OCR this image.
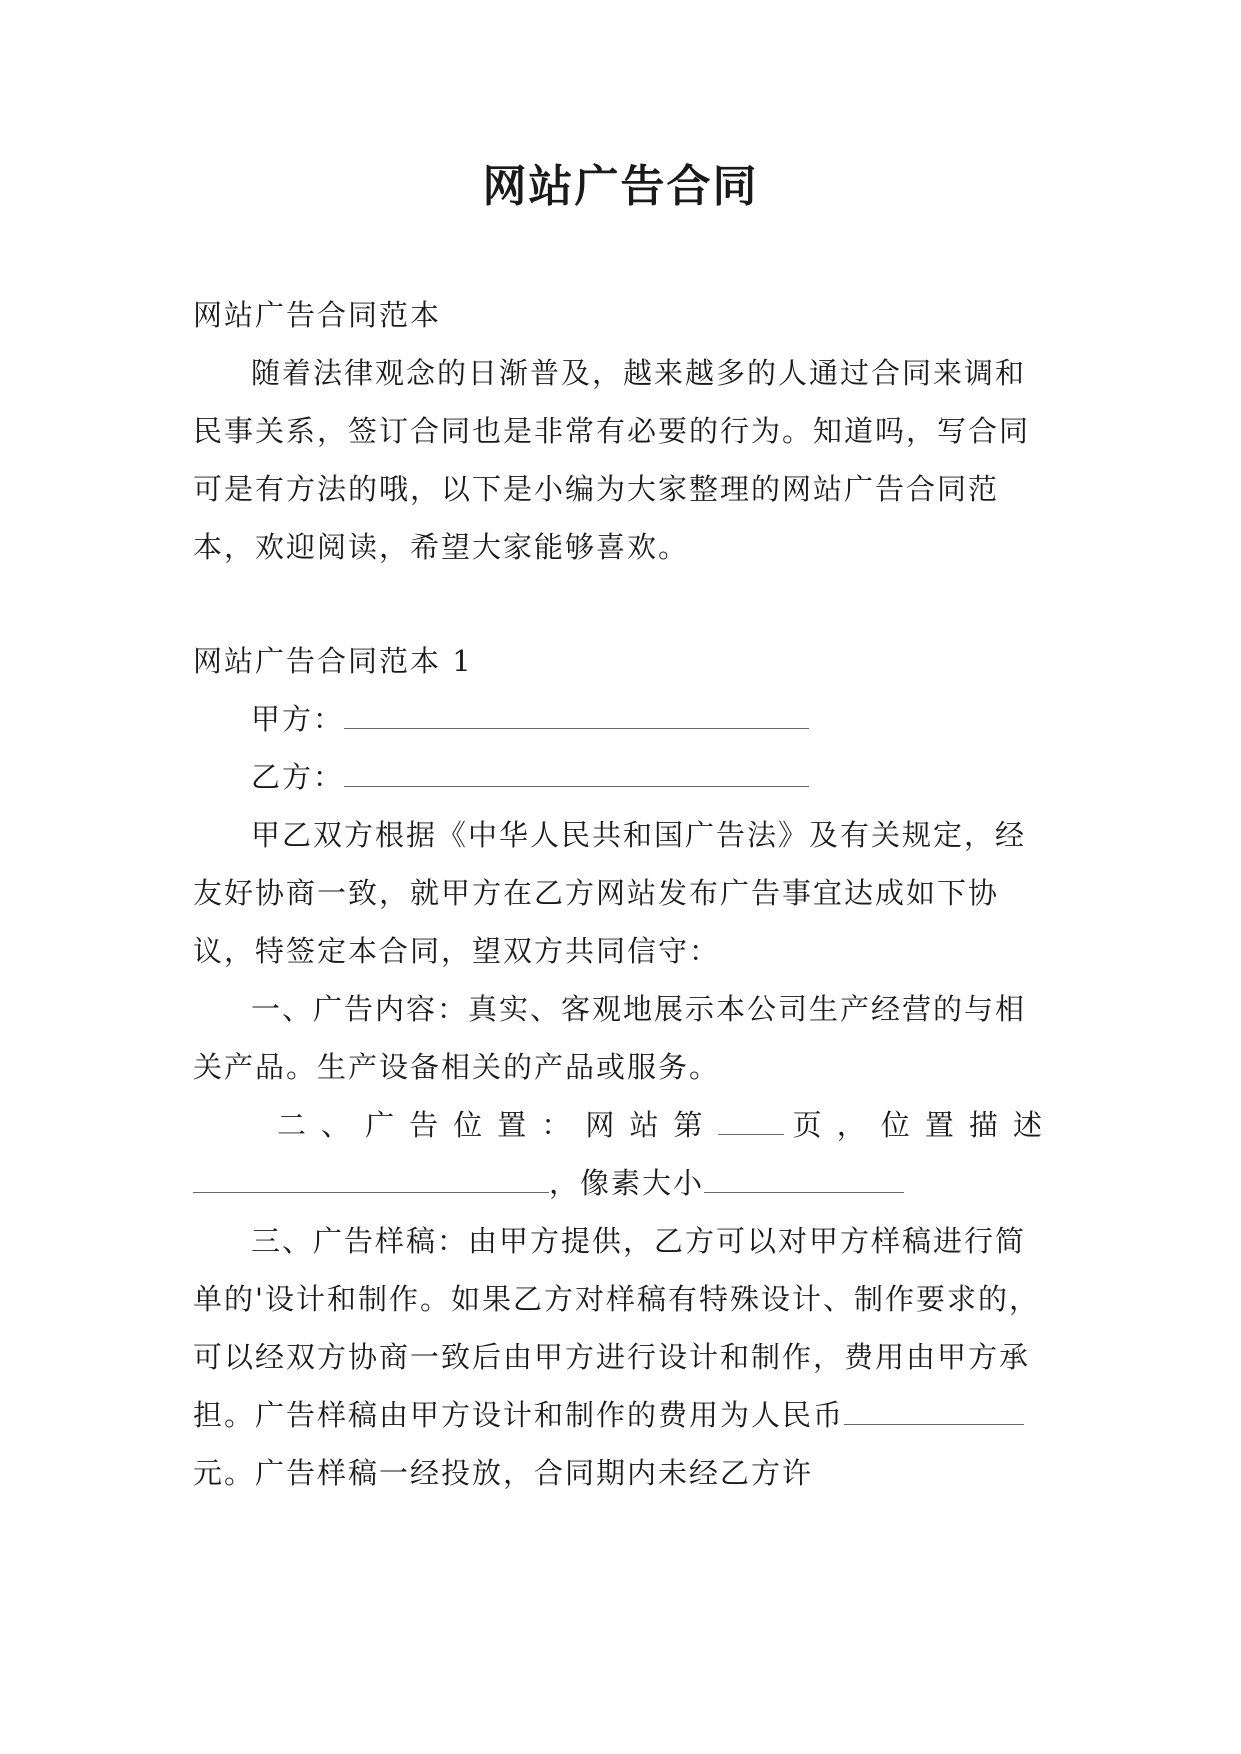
网站广告合同

网站广告合同范本

随着法律观念的日渐普及，越来越多的人通过合同来调和民事关系，签订合同也是非常有必要的行为。知道吗，写合同可是有方法的哦，以下是小编为大家整理的网站广告合同范本，欢迎阅读，希望大家能够喜欢。

网站广告合同范本 1

甲方：

乙方：

甲乙双方根据《中华人民共和国广告法》及有关规定，经友好协商一致，就甲方在乙方网站发布广告事宜达成如下协议，特签定本合同，望双方共同信守：

一、广告内容：真实、客观地展示本公司生产经营的与相关产品。生产设备相关的产品或服务。

二、广告位置：网站第 页，位置描述
，像素大小

三、广告样稿：由甲方提供，乙方可以对甲方样稿进行简单的'设计和制作。如果乙方对样稿有特殊设计、制作要求的，可以经双方协商一致后由甲方进行设计和制作，费用由甲方承担。广告样稿由甲方设计和制作的费用为人民币元。广告样稿一经投放，合同期内未经乙方许
